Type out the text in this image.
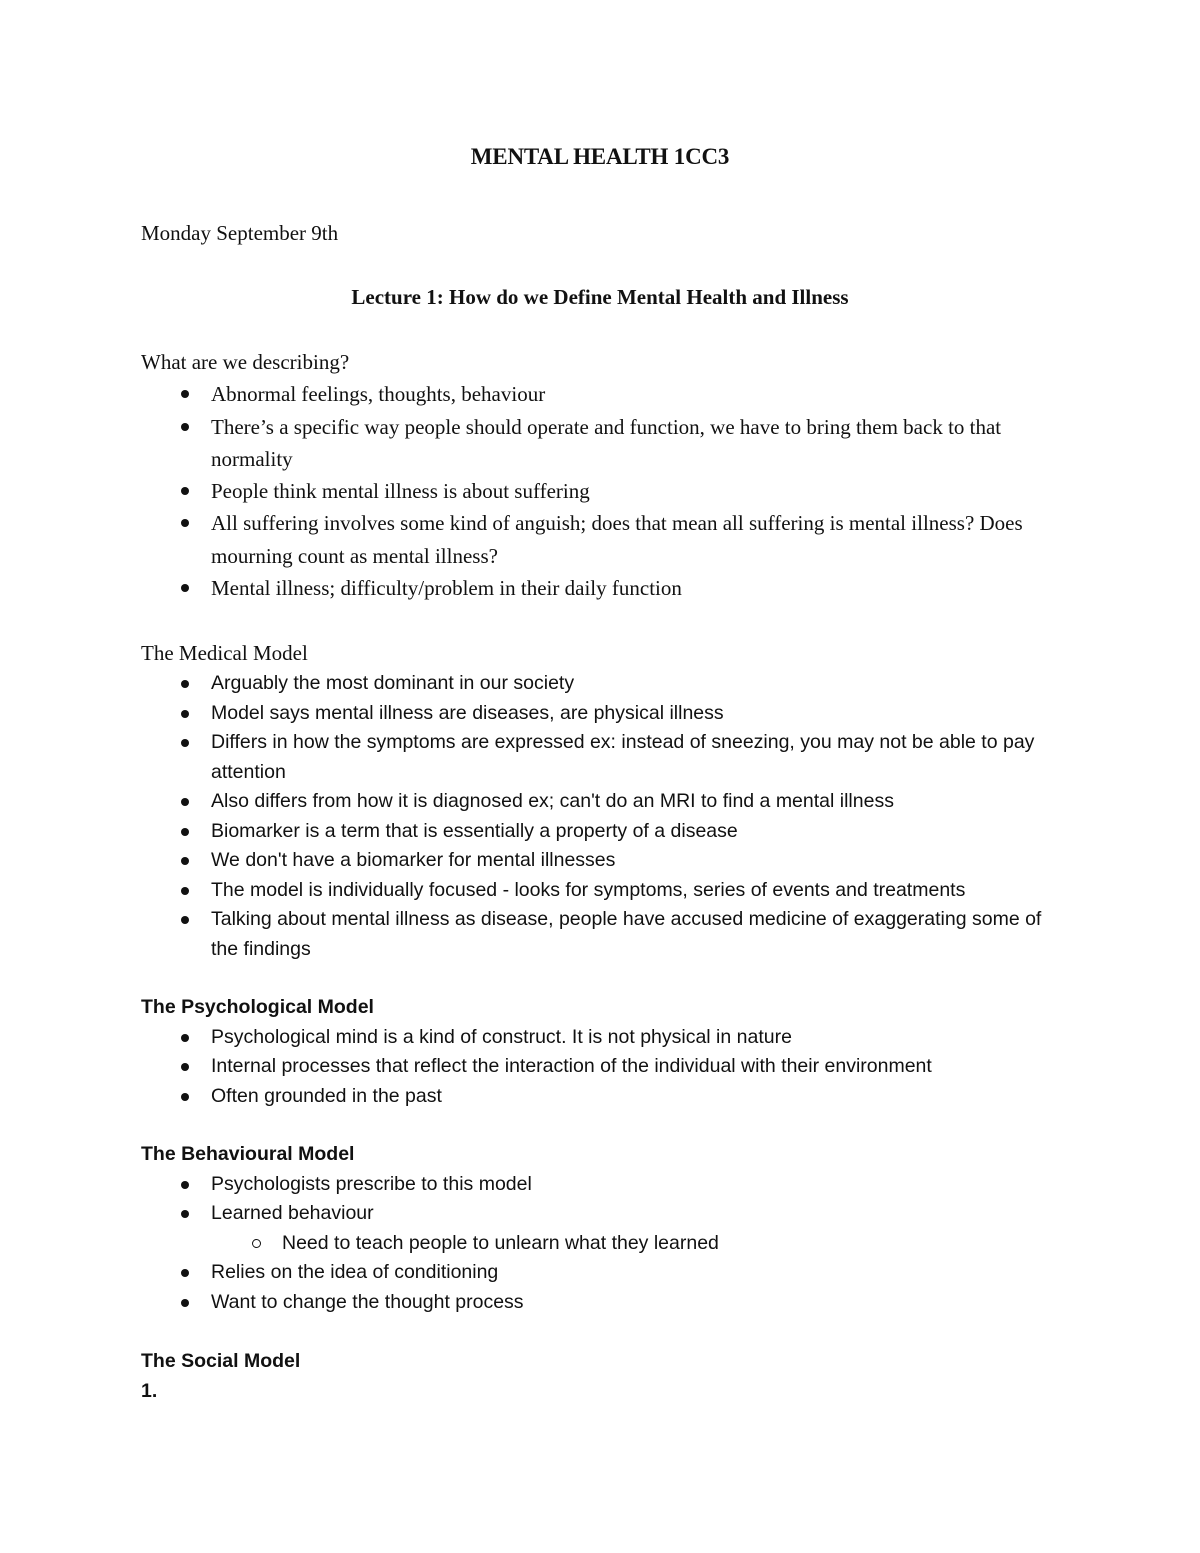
MENTAL HEALTH 1CC3
Monday September 9th
Lecture 1: How do we Define Mental Health and Illness

What are we describing?

Abnormal feelings, thoughts, behaviour
There’s a specific way people should operate and function, we have to bring them back to that normality
People think mental illness is about suffering
All suffering involves some kind of anguish; does that mean all suffering is mental illness? Does mourning count as mental illness?
Mental illness; difficulty/problem in their daily function

The Medical Model

Arguably the most dominant in our society
Model says mental illness are diseases, are physical illness
Differs in how the symptoms are expressed ex: instead of sneezing, you may not be able to pay attention
Also differs from how it is diagnosed ex; can't do an MRI to find a mental illness
Biomarker is a term that is essentially a property of a disease
We don't have a biomarker for mental illnesses
The model is individually focused - looks for symptoms, series of events and treatments
Talking about mental illness as disease, people have accused medicine of exaggerating some of the findings

The Psychological Model

Psychological mind is a kind of construct. It is not physical in nature
Internal processes that reflect the interaction of the individual with their environment
Often grounded in the past

The Behavioural Model

Psychologists prescribe to this model
Learned behaviour
Need to teach people to unlearn what they learned
Relies on the idea of conditioning
Want to change the thought process

The Social Model

1.
